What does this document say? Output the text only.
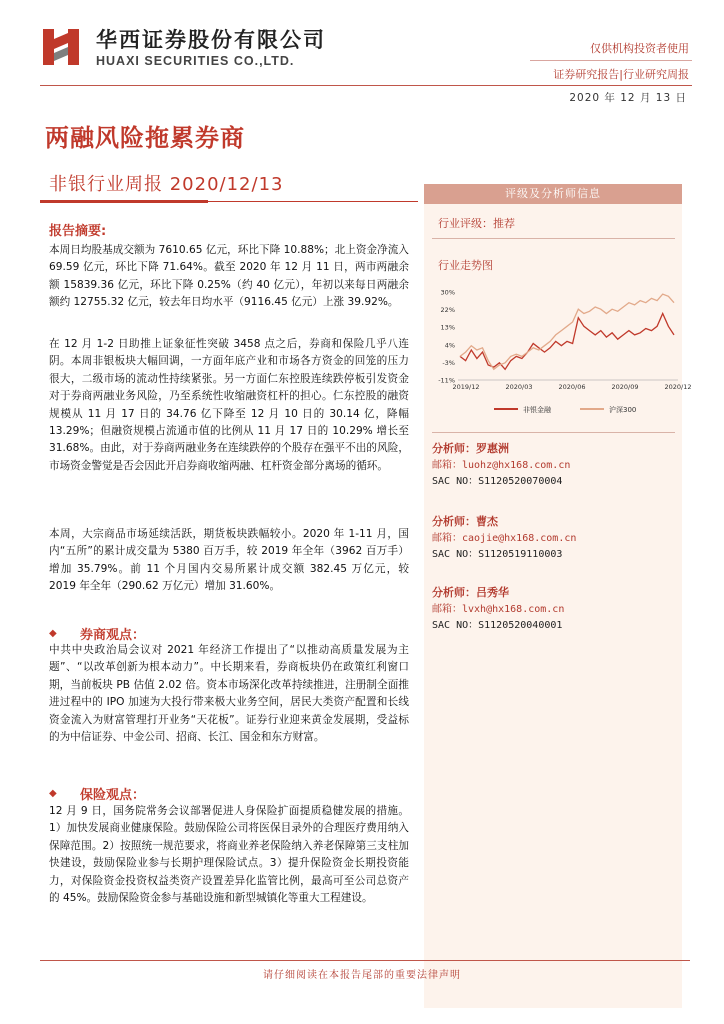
华西证券股份有限公司
HUAXI SECURITIES CO.,LTD.
仅供机构投资者使用
证券研究报告|行业研究周报
2020 年 12 月 13 日
两融风险拖累券商
非银行业周报 2020/12/13
报告摘要:
本周日均股基成交额为 7610.65 亿元，环比下降 10.88%；北上资金净流入 69.59 亿元，环比下降 71.64%。截至 2020 年 12 月 11 日，两市两融余额 15839.36 亿元，环比下降 0.25%（约 40 亿元），年初以来每日两融余额约 12755.32 亿元，较去年日均水平（9116.45 亿元）上涨 39.92%。
在 12 月 1-2 日助推上证象征性突破 3458 点之后，券商和保险几乎八连阴。本周非银板块大幅回调，一方面年底产业和市场各方资金的回笼的压力很大，二级市场的流动性持续紧张。另一方面仁东控股连续跌停板引发资金对于券商两融业务风险，乃至系统性收缩融资杠杆的担心。仁东控股的融资规模从 11 月 17 日的 34.76 亿下降至 12 月 10 日的 30.14 亿，降幅 13.29%；但融资规模占流通市值的比例从 11 月 17 日的 10.29% 增长至 31.68%。由此，对于券商两融业务在连续跌停的个股存在强平不出的风险，市场资金警觉是否会因此开启券商收缩两融、杠杆资金部分离场的循环。
本周，大宗商品市场延续活跃，期货板块跌幅较小。2020 年 1-11 月，国内“五所”的累计成交量为 5380 百万手，较 2019 年全年（3962 百万手）增加 35.79%。前 11 个月国内交易所累计成交额 382.45 万亿元，较 2019 年全年（290.62 万亿元）增加 31.60%。
◆ 券商观点：
中共中央政治局会议对 2021 年经济工作提出了“以推动高质量发展为主题”、“以改革创新为根本动力”。中长期来看，券商板块仍在政策红利窗口期，当前板块 PB 估值 2.02 倍。资本市场深化改革持续推进，注册制全面推进过程中的 IPO 加速为大投行带来极大业务空间，居民大类资产配置和长线资金流入为财富管理打开业务“天花板”。证券行业迎来黄金发展期，受益标的为中信证券、中金公司、招商、长江、国金和东方财富。
◆ 保险观点：
12 月 9 日，国务院常务会议部署促进人身保险扩面提质稳健发展的措施。1）加快发展商业健康保险。鼓励保险公司将医保目录外的合理医疗费用纳入保障范围。2）按照统一规范要求，将商业养老保险纳入养老保障第三支柱加快建设，鼓励保险业参与长期护理保险试点。3）提升保险资金长期投资能力，对保险资金投资权益类资产设置差异化监管比例，最高可至公司总资产的 45%。鼓励保险资金参与基础设施和新型城镇化等重大工程建设。
评级及分析师信息
行业评级：推荐
行业走势图
30%
22%
13%
4%
-3%
-11%
2019/12	2020/03	2020/06	2020/09	2020/12
非银金融	沪深300
分析师：罗惠洲
邮箱：luohz@hx168.com.cn
SAC NO：S1120520070004
分析师：曹杰
邮箱：caojie@hx168.com.cn
SAC NO：S1120519110003
分析师：吕秀华
邮箱：lvxh@hx168.com.cn
SAC NO：S1120520040001
请仔细阅读在本报告尾部的重要法律声明
